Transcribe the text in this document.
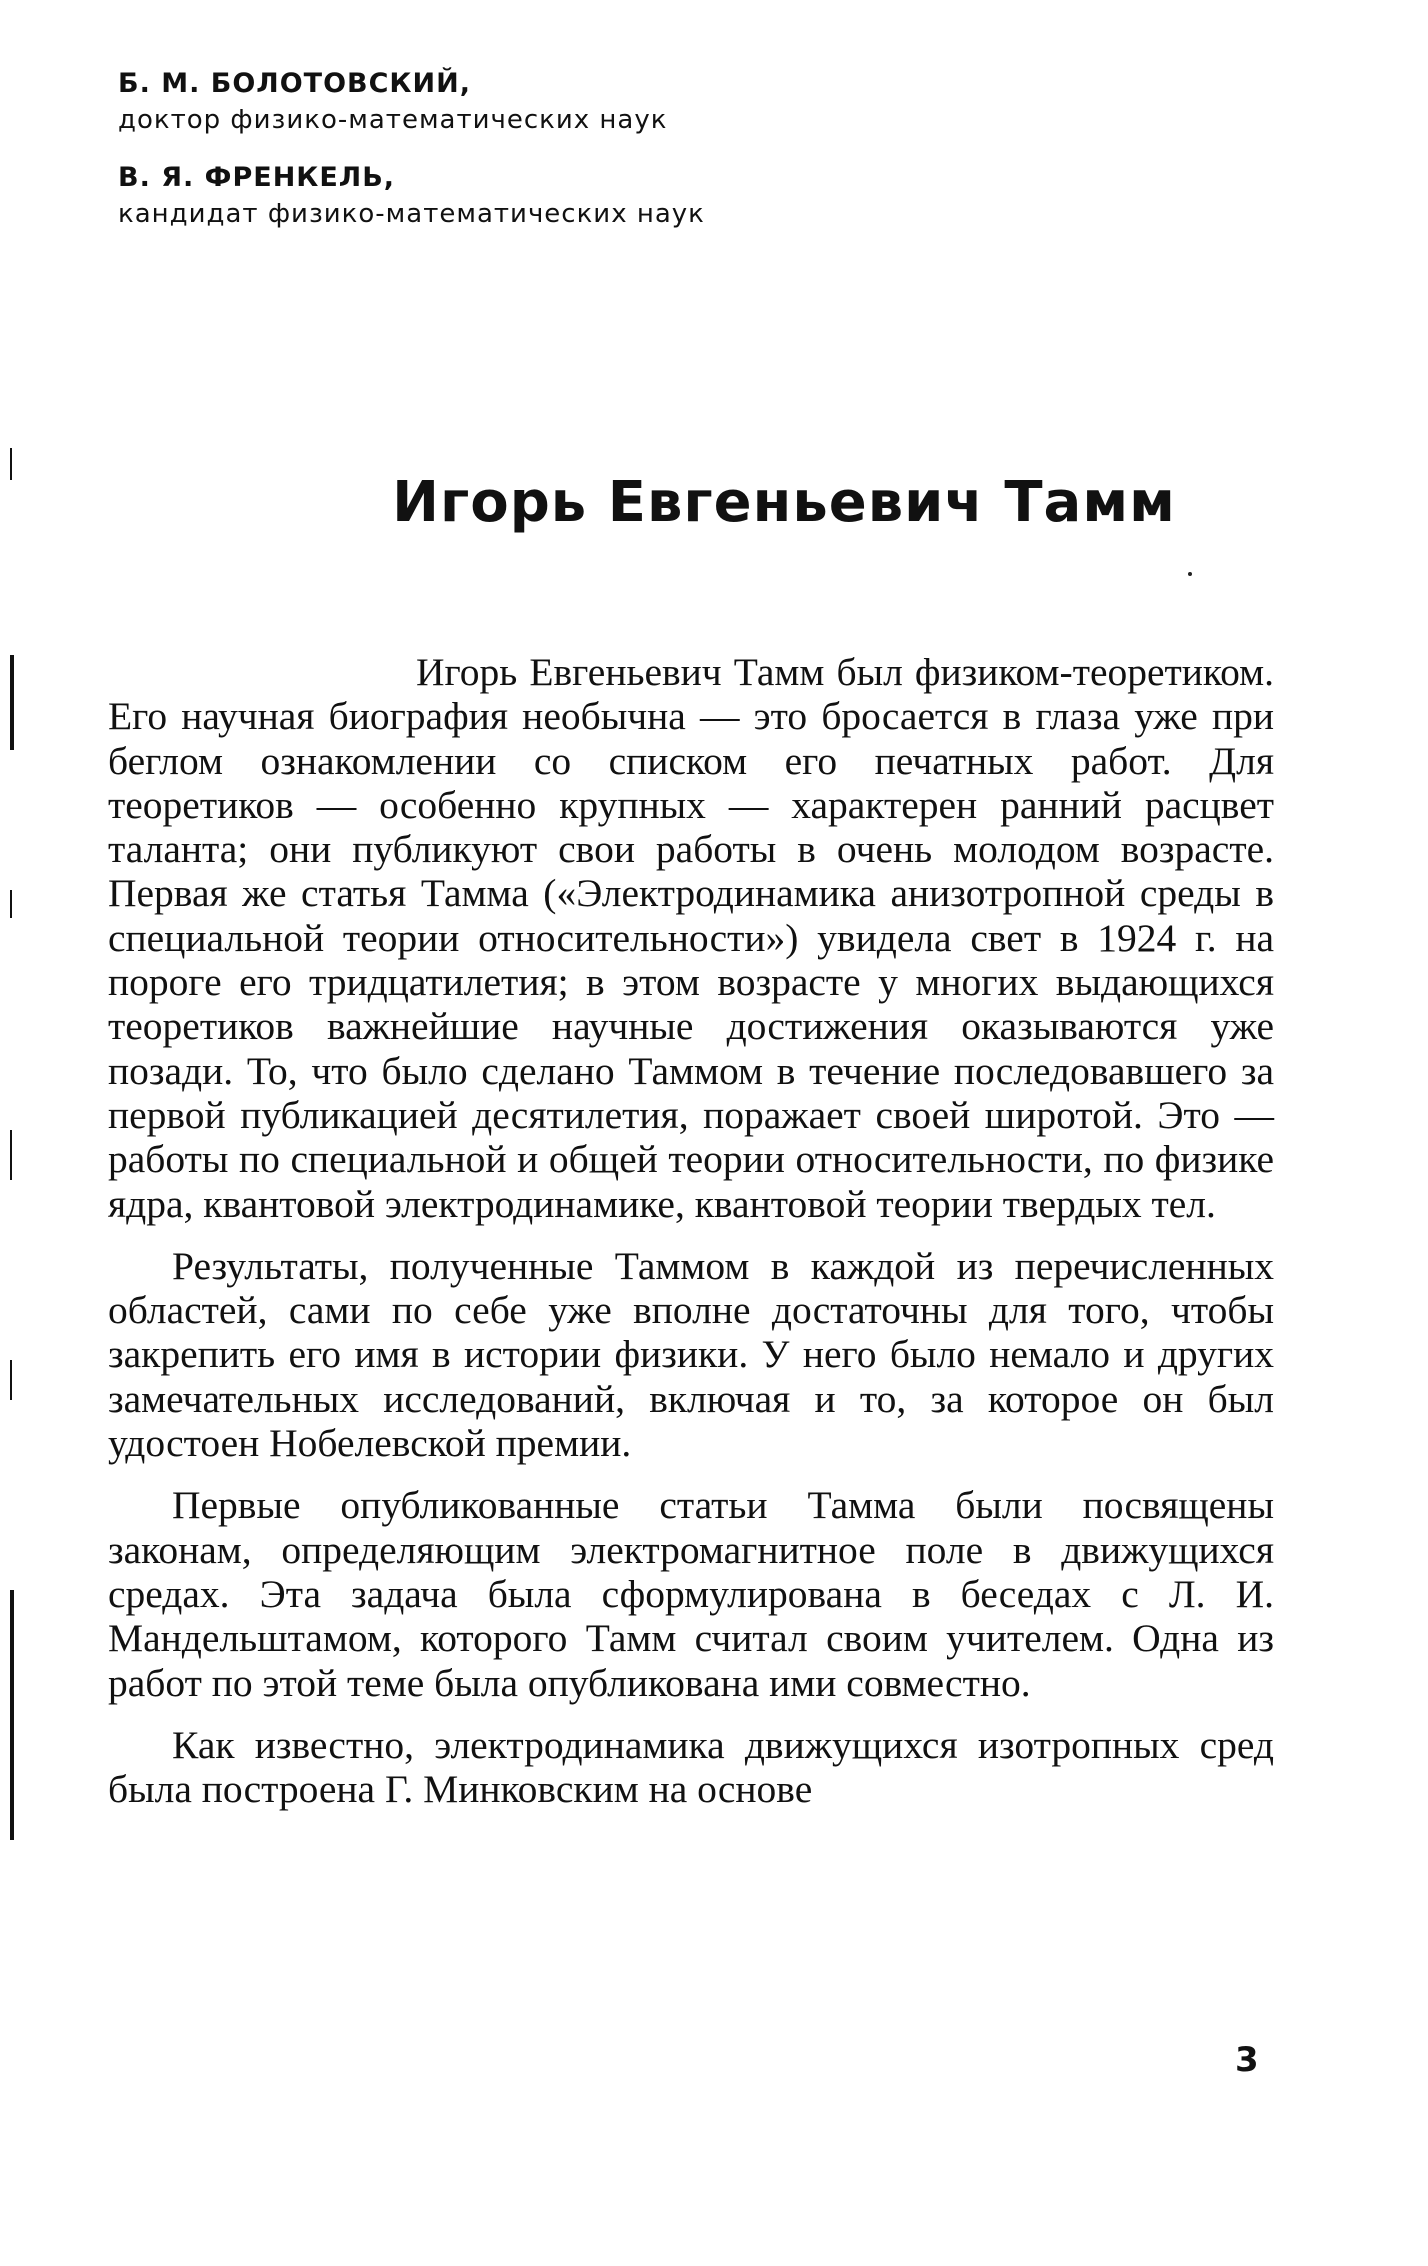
Б. М. БОЛОТОВСКИЙ,
доктор физико-математических наук
В. Я. ФРЕНКЕЛЬ,
кандидат физико-математических наук
Игорь Евгеньевич Тамм

Игорь Евгеньевич Тамм был физиком-теоретиком. Его научная биография необычна — это бросается в глаза уже при беглом ознакомлении со списком его печатных работ. Для теоретиков — особенно крупных — характерен ранний расцвет таланта; они публикуют свои работы в очень молодом возрасте. Первая же статья Тамма («Электродинамика анизотропной среды в специальной теории относительности») увидела свет в 1924 г. на пороге его тридцатилетия; в этом возрасте у многих выдающихся теоретиков важнейшие научные достижения оказываются уже позади. То, что было сделано Таммом в течение последовавшего за первой публикацией десятилетия, поражает своей широтой. Это — работы по специальной и общей теории относительности, по физике ядра, квантовой электродинамике, квантовой теории твердых тел.

Результаты, полученные Таммом в каждой из перечисленных областей, сами по себе уже вполне достаточны для того, чтобы закрепить его имя в истории физики. У него было немало и других замечательных исследований, включая и то, за которое он был удостоен Нобелевской премии.

Первые опубликованные статьи Тамма были посвящены законам, определяющим электромагнитное поле в движущихся средах. Эта задача была сформулирована в беседах с Л. И. Мандельштамом, которого Тамм считал своим учителем. Одна из работ по этой теме была опубликована ими совместно.

Как известно, электродинамика движущихся изотропных сред была построена Г. Минковским на основе

3
